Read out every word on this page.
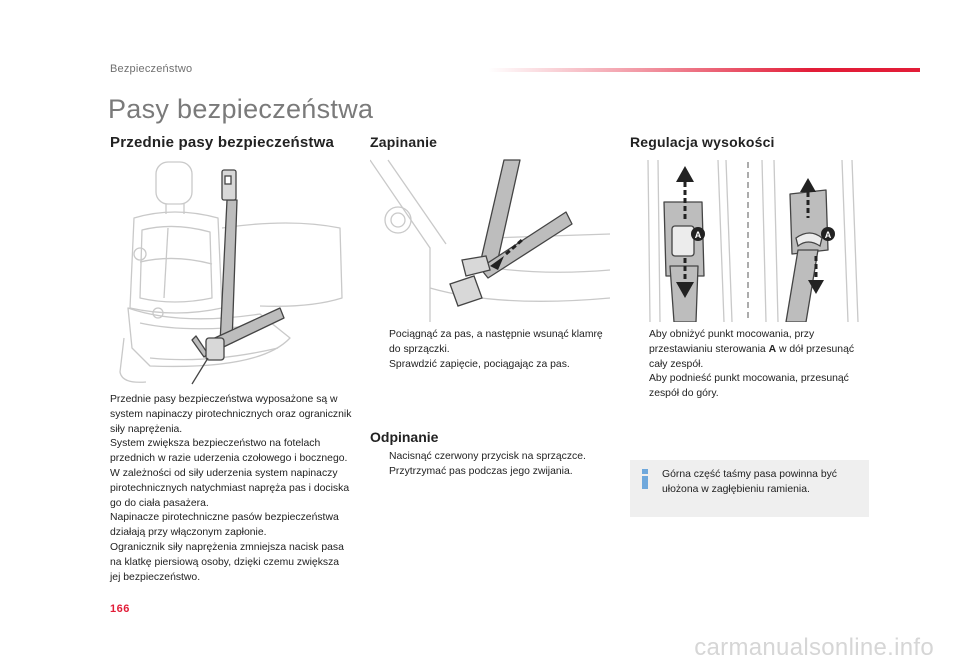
Bezpieczeństwo
Pasy bezpieczeństwa
Przednie pasy bezpieczeństwa	Zapinanie	Regulacja wysokości
A	A

Przednie pasy bezpieczeństwa wyposażone są w system napinaczy pirotechnicznych oraz ogranicznik siły naprężenia.

System zwiększa bezpieczeństwo na fotelach przednich w razie uderzenia czołowego i bocznego. W zależności od siły uderzenia system napinaczy pirotechnicznych natychmiast napręża pas i dociska go do ciała pasażera.

Napinacze pirotechniczne pasów bezpieczeństwa działają przy włączonym zapłonie.

Ogranicznik siły naprężenia zmniejsza nacisk pasa na klatkę piersiową osoby, dzięki czemu zwiększa jej bezpieczeństwo.

Pociągnąć za pas, a następnie wsunąć klamrę do sprzączki.
Sprawdzić zapięcie, pociągając za pas.
Odpinanie
Nacisnąć czerwony przycisk na sprzączce.
Przytrzymać pas podczas jego zwijania.
Aby obniżyć punkt mocowania, przy przestawianiu sterowania A w dół przesunąć cały zespół.
Aby podnieść punkt mocowania, przesunąć zespół do góry.
Górna część taśmy pasa powinna być ułożona w zagłębieniu ramienia.
166
carmanualsonline.info
